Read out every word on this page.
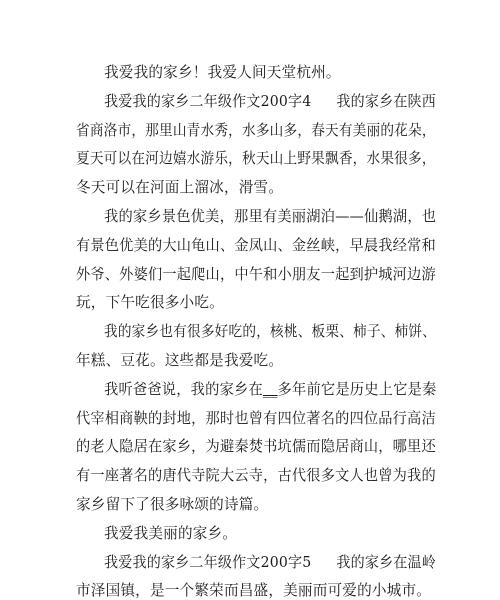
我爱我的家乡！我爱人间天堂杭州。

我爱我的家乡二年级作文200字4 我的家乡在陕西

省商洛市，那里山青水秀，水多山多，春天有美丽的花朵，

夏天可以在河边嬉水游乐，秋天山上野果飘香，水果很多，

冬天可以在河面上溜冰，滑雪。

我的家乡景色优美，那里有美丽湖泊——仙鹅湖，也

有景色优美的大山龟山、金凤山、金丝峡，早晨我经常和

外爷、外婆们一起爬山，中午和小朋友一起到护城河边游

玩，下午吃很多小吃。

我的家乡也有很多好吃的，核桃、板栗、柿子、柿饼、

年糕、豆花。这些都是我爱吃。

我听爸爸说，我的家乡在__多年前它是历史上它是秦

代宰相商鞅的封地，那时也曾有四位著名的四位品行高洁

的老人隐居在家乡，为避秦焚书坑儒而隐居商山，哪里还

有一座著名的唐代寺院大云寺，古代很多文人也曾为我的

家乡留下了很多咏颂的诗篇。

我爱我美丽的家乡。

我爱我的家乡二年级作文200字5 我的家乡在温岭

市泽国镇，是一个繁荣而昌盛，美丽而可爱的小城市。
